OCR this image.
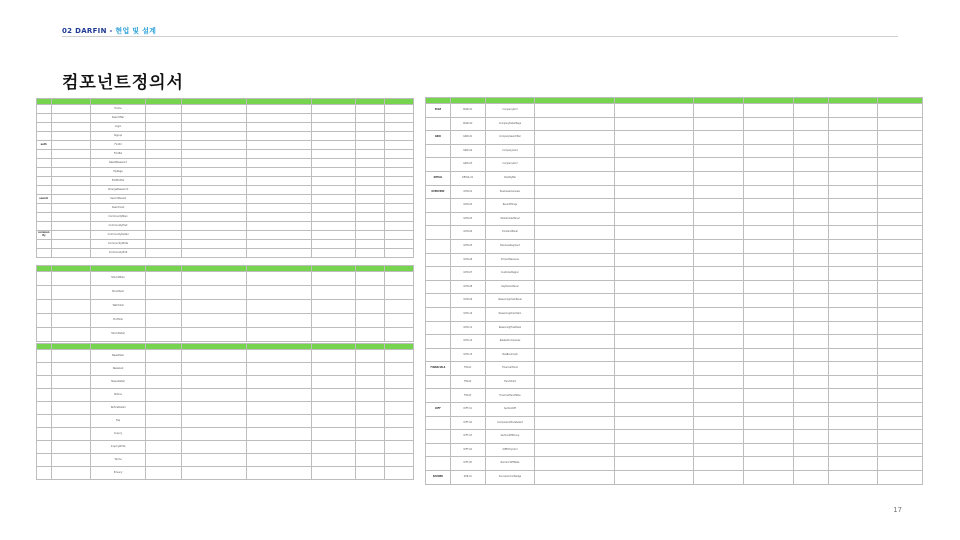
02 DARFIN - 현업 및 설계
컴포넌트정의서

		Home						
		SearchBar						
		Login						
		Signup						
auth		FindId						
		FindPw						
		ResetPassword						
		MyPage						
		EditProfile						
		ChangePassword						
search		SearchResult						
		SearchList						
		CommunityMain						
		CommunityPost						
community		CommunityDetail						
		CommunityWrite						
		CommunityEdit						

		StocksMain						
		StockItem						
		Watchlist						
		Portfolio						
		StockDetail						

		NewsMain						
		NewsList						
		NewsDetail						
		Notice						
		NoticeDetail						
		Faq						
		Inquiry						
		InquiryWrite						
		Terms						
		Privacy						

PAGE	PAGE-01	CompanyGrid							
	PAGE-02	CompanyDetailPage							
GRID	GRID-01	CompanySearchBar							
	GRID-02	CompanyCard							
	GRID-03	CompanyGrid							
DETAIL	DETAIL-01	IdentityBar							
OVERVIEW	OVW-01	BusinessOverview							
	OVW-02	RecentFilings							
	OVW-03	ShareholderPanel							
	OVW-04	DividendPanel							
	OVW-05	BusinessSegment							
	OVW-06	ProductRevenue							
	OVW-07	CustomerRegion							
	OVW-08	KeyPersonPanel							
	OVW-09	ReasoningChainPanel							
	OVW-10	ReasoningChainItem							
	OVW-11	ReasoningFlowPanel							
	OVW-12	RelatedCompanies							
	OVW-13	IdeaBookmark							
FINANCIALS	FIN-01	FinancialTrend							
	FIN-02	TrendChart							
	FIN-03	FinancialTrendTable							
DIFF	DIFF-01	SectionDiff							
	DIFF-02	ComparisonModeSelect							
	DIFF-03	SectionDiffGroup							
	DIFF-04	DiffEntryCard							
	DIFF-05	NumericDiffTable							
SHARED	SHR-01	SourceAnchorBadge							
17
